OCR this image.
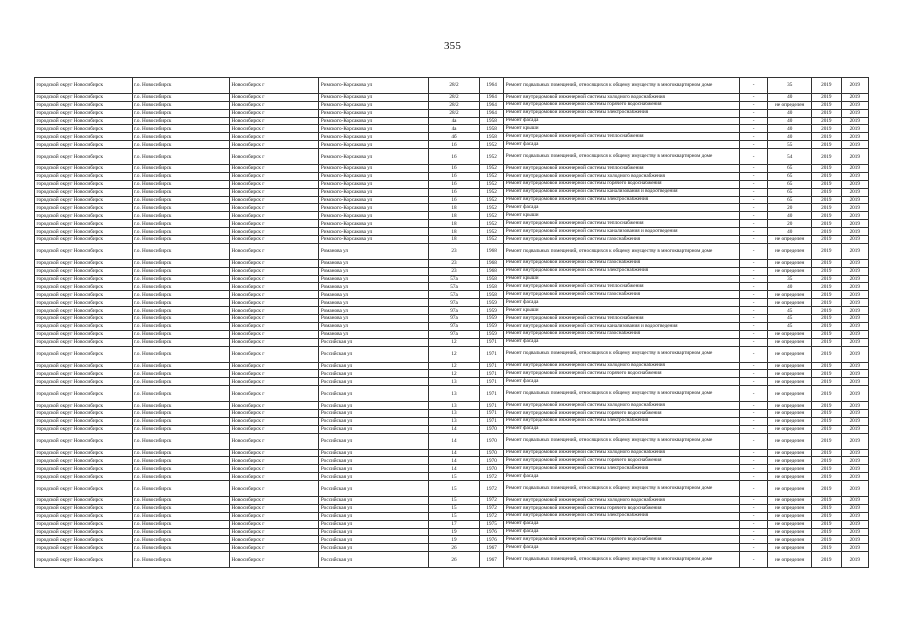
355
городской округ Новосибирск	г.о. Новосибирск	Новосибирск г	Римского-Корсакова ул	28/2	1964	Ремонт подвальных помещений, относящихся к общему имуществу в многоквартирном доме	-	35	2019	2019
городской округ Новосибирск	г.о. Новосибирск	Новосибирск г	Римского-Корсакова ул	28/2	1964	Ремонт внутридомовой инженерной системы холодного водоснабжения	-	40	2019	2019
городской округ Новосибирск	г.о. Новосибирск	Новосибирск г	Римского-Корсакова ул	28/2	1964	Ремонт внутридомовой инженерной системы горячего водоснабжения	-	не определен	2019	2019
городской округ Новосибирск	г.о. Новосибирск	Новосибирск г	Римского-Корсакова ул	28/2	1964	Ремонт внутридомовой инженерной системы электроснабжения	-	40	2019	2019
городской округ Новосибирск	г.о. Новосибирск	Новосибирск г	Римского-Корсакова ул	4а	1958	Ремонт фасада	-	40	2019	2019
городской округ Новосибирск	г.о. Новосибирск	Новосибирск г	Римского-Корсакова ул	4а	1958	Ремонт крыши	-	40	2019	2019
городской округ Новосибирск	г.о. Новосибирск	Новосибирск г	Римского-Корсакова ул	4б	1958	Ремонт внутридомовой инженерной системы теплоснабжения	-	40	2019	2019
городской округ Новосибирск	г.о. Новосибирск	Новосибирск г	Римского-Корсакова ул	16	1952	Ремонт фасада	-	55	2019	2019
городской округ Новосибирск	г.о. Новосибирск	Новосибирск г	Римского-Корсакова ул	16	1952	Ремонт подвальных помещений, относящихся к общему имуществу в многоквартирном доме	-	54	2019	2019
городской округ Новосибирск	г.о. Новосибирск	Новосибирск г	Римского-Корсакова ул	16	1952	Ремонт внутридомовой инженерной системы теплоснабжения	-	65	2019	2019
городской округ Новосибирск	г.о. Новосибирск	Новосибирск г	Римского-Корсакова ул	16	1952	Ремонт внутридомовой инженерной системы холодного водоснабжения	-	65	2019	2019
городской округ Новосибирск	г.о. Новосибирск	Новосибирск г	Римского-Корсакова ул	16	1952	Ремонт внутридомовой инженерной системы горячего водоснабжения	-	65	2019	2019
городской округ Новосибирск	г.о. Новосибирск	Новосибирск г	Римского-Корсакова ул	16	1952	Ремонт внутридомовой инженерной системы канализования и водоотведения	-	65	2019	2019
городской округ Новосибирск	г.о. Новосибирск	Новосибирск г	Римского-Корсакова ул	16	1952	Ремонт внутридомовой инженерной системы электроснабжения	-	65	2019	2019
городской округ Новосибирск	г.о. Новосибирск	Новосибирск г	Римского-Корсакова ул	18	1952	Ремонт фасада	-	20	2019	2019
городской округ Новосибирск	г.о. Новосибирск	Новосибирск г	Римского-Корсакова ул	18	1952	Ремонт крыши	-	40	2019	2019
городской округ Новосибирск	г.о. Новосибирск	Новосибирск г	Римского-Корсакова ул	18	1952	Ремонт внутридомовой инженерной системы теплоснабжения	-	20	2019	2019
городской округ Новосибирск	г.о. Новосибирск	Новосибирск г	Римского-Корсакова ул	18	1952	Ремонт внутридомовой инженерной системы канализования и водоотведения	-	40	2019	2019
городской округ Новосибирск	г.о. Новосибирск	Новосибирск г	Римского-Корсакова ул	18	1952	Ремонт внутридомовой инженерной системы газоснабжения	-	не определен	2019	2019
городской округ Новосибирск	г.о. Новосибирск	Новосибирск г	Романова ул	23	1968	Ремонт подвальных помещений, относящихся к общему имуществу в многоквартирном доме	-	не определен	2019	2019
городской округ Новосибирск	г.о. Новосибирск	Новосибирск г	Романова ул	23	1968	Ремонт внутридомовой инженерной системы газоснабжения	-	не определен	2019	2019
городской округ Новосибирск	г.о. Новосибирск	Новосибирск г	Романова ул	23	1968	Ремонт внутридомовой инженерной системы электроснабжения	-	не определен	2019	2019
городской округ Новосибирск	г.о. Новосибирск	Новосибирск г	Романова ул	57а	1958	Ремонт крыши	-	35	2019	2019
городской округ Новосибирск	г.о. Новосибирск	Новосибирск г	Романова ул	57а	1958	Ремонт внутридомовой инженерной системы теплоснабжения	-	40	2019	2019
городской округ Новосибирск	г.о. Новосибирск	Новосибирск г	Романова ул	57а	1958	Ремонт внутридомовой инженерной системы газоснабжения	-	не определен	2019	2019
городской округ Новосибирск	г.о. Новосибирск	Новосибирск г	Романова ул	97а	1959	Ремонт фасада	-	не определен	2019	2019
городской округ Новосибирск	г.о. Новосибирск	Новосибирск г	Романова ул	97а	1959	Ремонт крыши	-	45	2019	2019
городской округ Новосибирск	г.о. Новосибирск	Новосибирск г	Романова ул	97а	1959	Ремонт внутридомовой инженерной системы теплоснабжения	-	45	2019	2019
городской округ Новосибирск	г.о. Новосибирск	Новосибирск г	Романова ул	97а	1959	Ремонт внутридомовой инженерной системы канализования и водоотведения	-	45	2019	2019
городской округ Новосибирск	г.о. Новосибирск	Новосибирск г	Романова ул	97а	1959	Ремонт внутридомовой инженерной системы газоснабжения	-	не определен	2019	2019
городской округ Новосибирск	г.о. Новосибирск	Новосибирск г	Российская ул	12	1971	Ремонт фасада	-	не определен	2019	2019
городской округ Новосибирск	г.о. Новосибирск	Новосибирск г	Российская ул	12	1971	Ремонт подвальных помещений, относящихся к общему имуществу в многоквартирном доме	-	не определен	2019	2019
городской округ Новосибирск	г.о. Новосибирск	Новосибирск г	Российская ул	12	1971	Ремонт внутридомовой инженерной системы холодного водоснабжения	-	не определен	2019	2019
городской округ Новосибирск	г.о. Новосибирск	Новосибирск г	Российская ул	12	1971	Ремонт внутридомовой инженерной системы горячего водоснабжения	-	не определен	2019	2019
городской округ Новосибирск	г.о. Новосибирск	Новосибирск г	Российская ул	13	1971	Ремонт фасада	-	не определен	2019	2019
городской округ Новосибирск	г.о. Новосибирск	Новосибирск г	Российская ул	13	1971	Ремонт подвальных помещений, относящихся к общему имуществу в многоквартирном доме	-	не определен	2019	2019
городской округ Новосибирск	г.о. Новосибирск	Новосибирск г	Российская ул	13	1971	Ремонт внутридомовой инженерной системы холодного водоснабжения	-	не определен	2019	2019
городской округ Новосибирск	г.о. Новосибирск	Новосибирск г	Российская ул	13	1971	Ремонт внутридомовой инженерной системы горячего водоснабжения	-	не определен	2019	2019
городской округ Новосибирск	г.о. Новосибирск	Новосибирск г	Российская ул	13	1971	Ремонт внутридомовой инженерной системы электроснабжения	-	не определен	2019	2019
городской округ Новосибирск	г.о. Новосибирск	Новосибирск г	Российская ул	14	1970	Ремонт фасада	-	не определен	2019	2019
городской округ Новосибирск	г.о. Новосибирск	Новосибирск г	Российская ул	14	1970	Ремонт подвальных помещений, относящихся к общему имуществу в многоквартирном доме	-	не определен	2019	2019
городской округ Новосибирск	г.о. Новосибирск	Новосибирск г	Российская ул	14	1970	Ремонт внутридомовой инженерной системы холодного водоснабжения	-	не определен	2019	2019
городской округ Новосибирск	г.о. Новосибирск	Новосибирск г	Российская ул	14	1970	Ремонт внутридомовой инженерной системы горячего водоснабжения	-	не определен	2019	2019
городской округ Новосибирск	г.о. Новосибирск	Новосибирск г	Российская ул	14	1970	Ремонт внутридомовой инженерной системы электроснабжения	-	не определен	2019	2019
городской округ Новосибирск	г.о. Новосибирск	Новосибирск г	Российская ул	15	1972	Ремонт фасада	-	не определен	2019	2019
городской округ Новосибирск	г.о. Новосибирск	Новосибирск г	Российская ул	15	1972	Ремонт подвальных помещений, относящихся к общему имуществу в многоквартирном доме	-	не определен	2019	2019
городской округ Новосибирск	г.о. Новосибирск	Новосибирск г	Российская ул	15	1972	Ремонт внутридомовой инженерной системы холодного водоснабжения	-	не определен	2019	2019
городской округ Новосибирск	г.о. Новосибирск	Новосибирск г	Российская ул	15	1972	Ремонт внутридомовой инженерной системы горячего водоснабжения	-	не определен	2019	2019
городской округ Новосибирск	г.о. Новосибирск	Новосибирск г	Российская ул	15	1972	Ремонт внутридомовой инженерной системы электроснабжения	-	не определен	2019	2019
городской округ Новосибирск	г.о. Новосибирск	Новосибирск г	Российская ул	17	1975	Ремонт фасада	-	не определен	2019	2019
городской округ Новосибирск	г.о. Новосибирск	Новосибирск г	Российская ул	19	1976	Ремонт фасада	-	не определен	2019	2019
городской округ Новосибирск	г.о. Новосибирск	Новосибирск г	Российская ул	19	1976	Ремонт внутридомовой инженерной системы горячего водоснабжения	-	не определен	2019	2019
городской округ Новосибирск	г.о. Новосибирск	Новосибирск г	Российская ул	26	1967	Ремонт фасада	-	не определен	2019	2019
городской округ Новосибирск	г.о. Новосибирск	Новосибирск г	Российская ул	26	1967	Ремонт подвальных помещений, относящихся к общему имуществу в многоквартирном доме	-	не определен	2019	2019
